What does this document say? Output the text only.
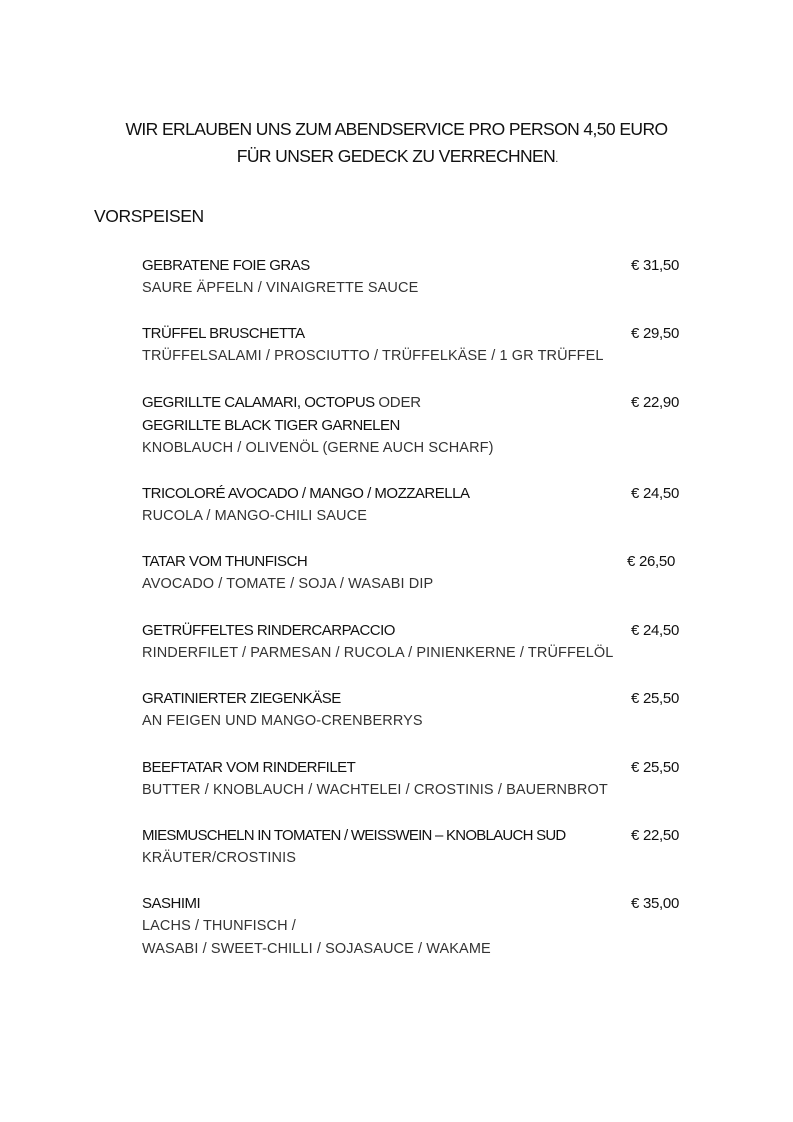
WIR ERLAUBEN UNS ZUM ABENDSERVICE PRO PERSON 4,50 EURO
FÜR UNSER GEDECK ZU VERRECHNEN.
VORSPEISEN
GEBRATENE FOIE GRAS	€ 31,50
SAURE ÄPFELN / VINAIGRETTE SAUCE
TRÜFFEL BRUSCHETTA	€ 29,50
TRÜFFELSALAMI / PROSCIUTTO / TRÜFFELKÄSE / 1 GR TRÜFFEL
GEGRILLTE CALAMARI, OCTOPUS ODER	€ 22,90
GEGRILLTE BLACK TIGER GARNELEN
KNOBLAUCH / OLIVENÖL (GERNE AUCH SCHARF)
TRICOLORÉ AVOCADO / MANGO / MOZZARELLA	€ 24,50
RUCOLA / MANGO-CHILI SAUCE
TATAR VOM THUNFISCH	€ 26,50
AVOCADO / TOMATE / SOJA / WASABI DIP
GETRÜFFELTES RINDERCARPACCIO	€ 24,50
RINDERFILET / PARMESAN / RUCOLA / PINIENKERNE / TRÜFFELÖL
GRATINIERTER ZIEGENKÄSE	€ 25,50
AN FEIGEN UND MANGO-CRENBERRYS
BEEFTATAR VOM RINDERFILET	€ 25,50
BUTTER / KNOBLAUCH / WACHTELEI / CROSTINIS / BAUERNBROT
MIESMUSCHELN IN TOMATEN / WEISSWEIN – KNOBLAUCH SUD	€ 22,50
KRÄUTER/CROSTINIS
SASHIMI	€ 35,00
LACHS / THUNFISCH /
WASABI / SWEET-CHILLI / SOJASAUCE / WAKAME
